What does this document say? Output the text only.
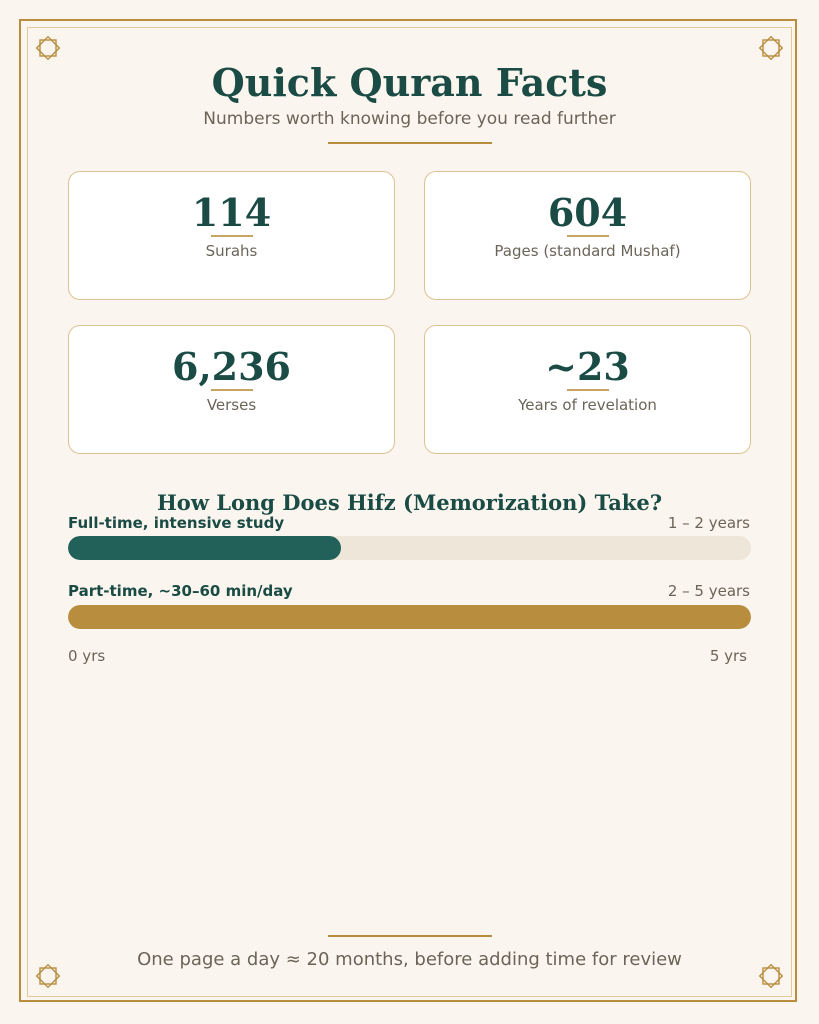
Quick Quran Facts
Numbers worth knowing before you read further
114
Surahs
604
Pages (standard Mushaf)
6,236
Verses
~23
Years of revelation
How Long Does Hifz (Memorization) Take?
Full-time, intensive study	1 – 2 years
Part-time, ~30–60 min/day	2 – 5 years
0 yrs	5 yrs
One page a day ≈ 20 months, before adding time for review
